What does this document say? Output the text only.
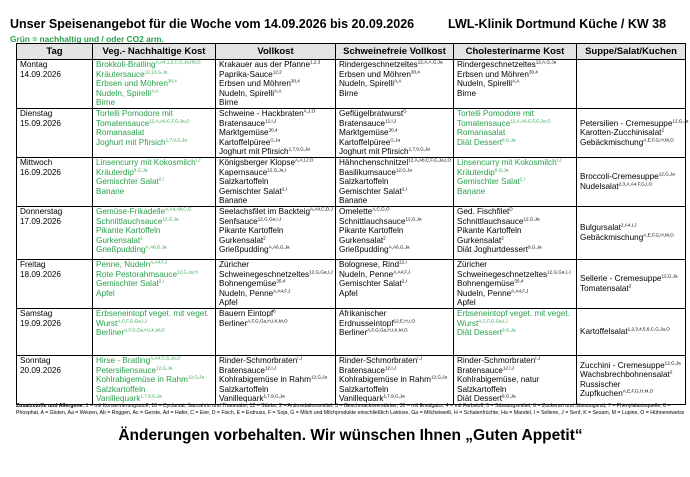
Unser Speisenangebot für die Woche vom 14.09.2026 bis 20.09.2026	LWL-Klinik Dortmund Küche / KW 38
Grün = nachhaltig und / oder CO2 arm.
Tag	Veg.- Nachhaltige Kost	Vollkost	Schweinefreie Vollkost	Cholesterinarme Kost	Suppe/Salat/Kuchen

Montag
14.09.2026	Brokkoli-Bratling$^{A,A4,1,2,C,G,Ja,Hb,D}$
Kräutersauce$^{12,13,G,Ja}$
Erbsen und Möhren$^{30,4}$
Nudeln, Spirelli$^{A,A}$
Birne	Krakauer aus der Pfanne$^{1,2,3}$
Paprika-Sauce$^{12,2}$
Erbsen und Möhren$^{30,4}$
Nudeln, Spirelli$^{A,A}$
Birne	Rindergeschnetzeltes$^{12,A,A,G,Ja}$
Erbsen und Möhren$^{30,4}$
Nudeln, Spirelli$^{A,A}$
Birne	Rindergeschnetzeltes$^{12,A,G,Ja}$
Erbsen und Möhren$^{30,4}$
Nudeln, Spirelli$^{A,A}$
Birne	

Dienstag
15.09.2026	Tortelli Pomodore mit
Tomatensauce$^{12,A,A6,C,F,G,Ja,O}$
Romanasalat
Joghurt mit Pfirsich$^{1,7,9,G,Ja}$	Schweine - Hackbraten$^{A,J,O}$
Bratensauce$^{12,I,J}$
Marktgemüse$^{30,4}$
Kartoffelpüree$^{G,Ja}$
Joghurt mit Pfirsich$^{1,7,9,G,Ja}$	Geflügelbratwurst$^G$
Bratensauce$^{12,I,J}$
Marktgemüse$^{30,4}$
Kartoffelpüree$^{G,Ja}$
Joghurt mit Pfirsich$^{1,7,9,G,Ja}$	Tortelli Pomodore mit
Tomatensauce$^{12,A,A6,C,F,G,Ja,O}$
Romanasalat
Diät Dessert$^{9,G,Ja}$	Petersilien - Cremesuppe$^{12,G,Ja}$
Karotten-Zucchinisalat$^2$
Gebäckmischung$^{A,E,F,G,H,M,O}$

Mittwoch
16.09.2026	Linsencurry mit Kokosmilch$^{I,J}$
Kräuterdip$^{9,G,Ja}$
Gemischter Salat$^{2,I}$
Banane	Königsberger Klopse$^{A,A,I,J,O}$
Kapernsauce$^{12,G,Ja,I}$
Salzkartoffeln
Gemischter Salat$^{2,I}$
Banane	Hähnchenschnitzel$^{12,A,Ab,C,F,G,Ja,I,O}$
Basilikumsauce$^{12,G,Ja}$
Salzkartoffeln
Gemischter Salat$^{2,I}$
Banane	Linsencurry mit Kokosmilch$^{I,J}$
Kräuterdip$^{9,G,Ja}$
Gemischter Salat$^{2,I}$
Banane	Broccoli-Cremesuppe$^{12,G,Ja}$
Nudelsalat$^{2,3,A,A4,F,G,I,O}$

Donnerstag
17.09.2026	Gemüse-Frikadelle$^{A,A4,Ab,C,G}$
Schnittlauchsauce$^{12,G,Ja}$
Pikante Kartoffeln
Gurkensalat$^2$
Grießpudding$^{A,A6,G,Ja}$	Seelachsfilet im Backteig$^{A,A4,C,D,J}$
Senfsauce$^{12,G,Ga,I,J}$
Pikante Kartoffeln
Gurkensalat$^2$
Grießpudding$^{A,A6,G,Ja}$	Omelette$^{A,C,G,O}$
Schnittlauchsauce$^{12,G,Ja}$
Pikante Kartoffeln
Gurkensalat$^2$
Grießpudding$^{A,A6,G,Ja}$	Ged. Fischfilet$^D$
Schnittlauchsauce$^{12,G,Ja}$
Pikante Kartoffeln
Gurkensalat$^2$
Diät Joghurtdessert$^{9,G,Ja}$	Bulgursalat$^{2,A4,I,J}$
Gebäckmischung$^{A,E,F,G,H,M,O}$

Freitag
18.09.2026	Penne, Nudeln$^{A,A4,F,J}$
Rote Pestorahmsauce$^{12,G,Ja,H}$
Gemischter Salat$^{2,I}$
Apfel	Züricher
Schweinegeschnetzeltes$^{12,G,Ga,I,J}$
Bohnengemüse$^{30,4}$
Nudeln, Penne$^{A,A4,F,J}$
Apfel	Bolognese, Rind$^{12,I}$
Nudeln, Penne$^{A,A4,F,J}$
Gemischter Salat$^{2,I}$
Apfel	Züricher
Schweinegeschnetzeltes$^{12,G,Ga,I,J}$
Bohnengemüse$^{30,4}$
Nudeln, Penne$^{A,A4,F,J}$
Apfel	Sellerie - Cremesuppe$^{12,G,Ja}$
Tomatensalat$^2$

Samstag
19.09.2026	Erbseneintopf veget. mit veget.
Wurst$^{A,C,F,G,Ga,I,J}$
Berliner$^{A,F,G,Ga,H,I,K,M,O}$	Bauern Eintopf$^6$
Berliner$^{A,F,G,Ga,H,I,K,M,O}$	Afrikanischer
Erdnusseintopf$^{12,E,H,I,O}$
Berliner$^{A,F,G,Ga,H,I,K,M,O}$	Erbseneintopf veget. mit veget.
Wurst$^{A,C,F,G,Ga,I,J}$
Diät Dessert$^{9,G,Ja}$	Kartoffelsalat$^{1,2,3,4,5,6,C,G,Ja,O}$

Sonntag
20.09.2026	Hirse - Bratling$^{A,A4,C,G,Ja,O}$
Petersiliensauce$^{12,G,Ja}$
Kohlrabigemüse in Rahm$^{12,G,Ja}$
Salzkartoffeln
Vanillequark$^{1,7,9,G,Ja}$	Rinder-Schmorbraten$^{I,J}$
Bratensauce$^{12,I,J}$
Kohlrabigemüse in Rahm$^{12,G,Ja}$
Salzkartoffeln
Vanillequark$^{1,7,9,G,Ja}$	Rinder-Schmorbraten$^{I,J}$
Bratensauce$^{12,I,J}$
Kohlrabigemüse in Rahm$^{12,G,Ja}$
Salzkartoffeln
Vanillequark$^{1,7,9,G,Ja}$	Rinder-Schmorbraten$^{I,J}$
Bratensauce$^{12,I,J}$
Kohlrabigemüse, natur
Salzkartoffeln
Diät Dessert$^{9,G,Ja}$	Zucchini - Cremesuppe$^{12,G,Ja}$
Wachsbrechbohnensalat$^2$
Russischer
Zupfkuchen$^{A,E,F,G,H,M,O}$
Zusatzstoffe und Allergene: 1 = mit Konservierungsstoff, 10 = Cyclamat, Saccahrin und Thaumatin, 12 = Stärke, 2 = Antioxidationsmittel, 3 = Geschmacksverstärker, 30 = mit Emulgator, 4 = mit Farbstoff, 5 = Süssungsmittel, 6 = Zuckerart und Süssungsmit, 7 = Phenylalaninquelle, 8 = Phosphat, A = Gluten, Aa = Weizen, Ab = Roggen, Ac = Gerste, Ad = Hafer, C = Eier, D = Fisch, E = Erdnuss, F = Soja, G = Milch und Milchprodukte einschließlich Laktose, Ga = Milcheiweiß, H = Schalenfrüchte, Ha = Mandel, I = Sellerie, J = Senf, K = Sesam, M = Lupine, O = Hühnereiweiss
Änderungen vorbehalten. Wir wünschen Ihnen „Guten Appetit“
